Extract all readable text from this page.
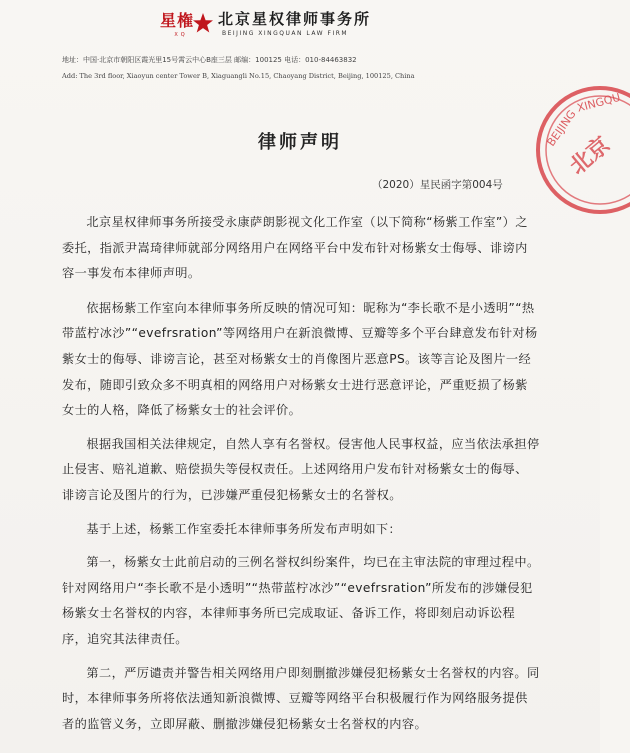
星権
XQ
北京星权律师事务所
BEIJING XINGQUAN LAW FIRM
地址：中国·北京市朝阳区霞光里15号霄云中心B座三层 邮编：100125 电话：010-84463832
Add: The 3rd floor, Xiaoyun center Tower B, Xiaguangli No.15, Chaoyang District, Beijing, 100125, China
BEIJING
XINGQU
北京
律师声明
（2020）星民函字第004号

北京星权律师事务所接受永康萨朗影视文化工作室（以下简称“杨紫工作室”）之委托，指派尹嵩琦律师就部分网络用户在网络平台中发布针对杨紫女士侮辱、诽谤内容一事发布本律师声明。

依据杨紫工作室向本律师事务所反映的情况可知：昵称为“李长歌不是小透明”“热带蓝柠冰沙”“evefrsration”等网络用户在新浪微博、豆瓣等多个平台肆意发布针对杨紫女士的侮辱、诽谤言论，甚至对杨紫女士的肖像图片恶意PS。该等言论及图片一经发布，随即引致众多不明真相的网络用户对杨紫女士进行恶意评论，严重贬损了杨紫女士的人格，降低了杨紫女士的社会评价。

根据我国相关法律规定，自然人享有名誉权。侵害他人民事权益，应当依法承担停止侵害、赔礼道歉、赔偿损失等侵权责任。上述网络用户发布针对杨紫女士的侮辱、诽谤言论及图片的行为，已涉嫌严重侵犯杨紫女士的名誉权。

基于上述，杨紫工作室委托本律师事务所发布声明如下：

第一，杨紫女士此前启动的三例名誉权纠纷案件，均已在主审法院的审理过程中。针对网络用户“李长歌不是小透明”“热带蓝柠冰沙”“evefrsration”所发布的涉嫌侵犯杨紫女士名誉权的内容，本律师事务所已完成取证、备诉工作，将即刻启动诉讼程序，追究其法律责任。

第二，严厉谴责并警告相关网络用户即刻删撤涉嫌侵犯杨紫女士名誉权的内容。同时，本律师事务所将依法通知新浪微博、豆瓣等网络平台积极履行作为网络服务提供者的监管义务，立即屏蔽、删撤涉嫌侵犯杨紫女士名誉权的内容。
